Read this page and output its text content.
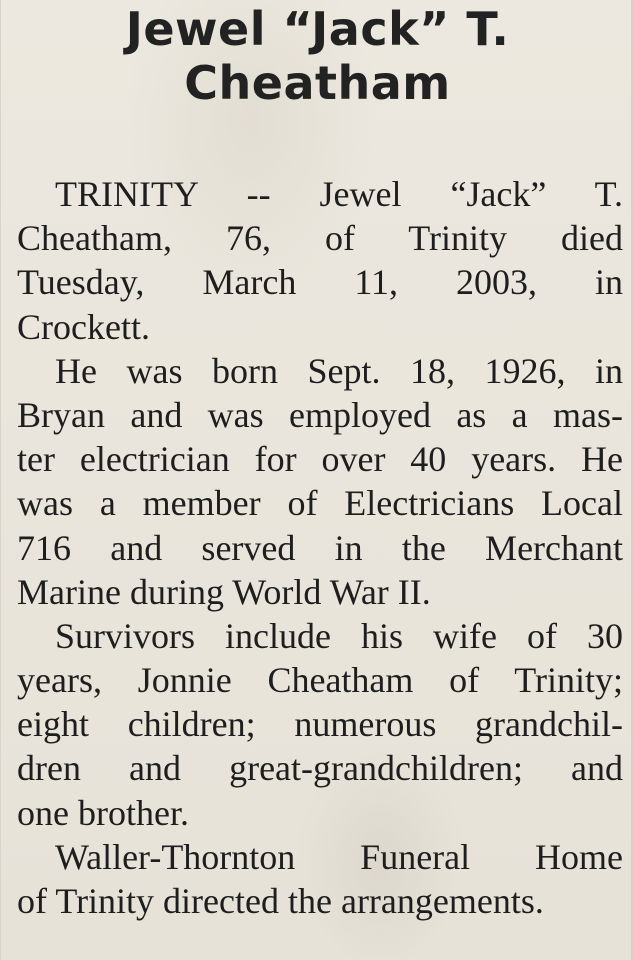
Jewel “Jack” T.
Cheatham
TRINITY -- Jewel “Jack” T.
Cheatham, 76, of Trinity died
Tuesday, March 11, 2003, in
Crockett.
He was born Sept. 18, 1926, in
Bryan and was employed as a mas-
ter electrician for over 40 years. He
was a member of Electricians Local
716 and served in the Merchant
Marine during World War II.
Survivors include his wife of 30
years, Jonnie Cheatham of Trinity;
eight children; numerous grandchil-
dren and great-grandchildren; and
one brother.
Waller-Thornton Funeral Home
of Trinity directed the arrangements.
